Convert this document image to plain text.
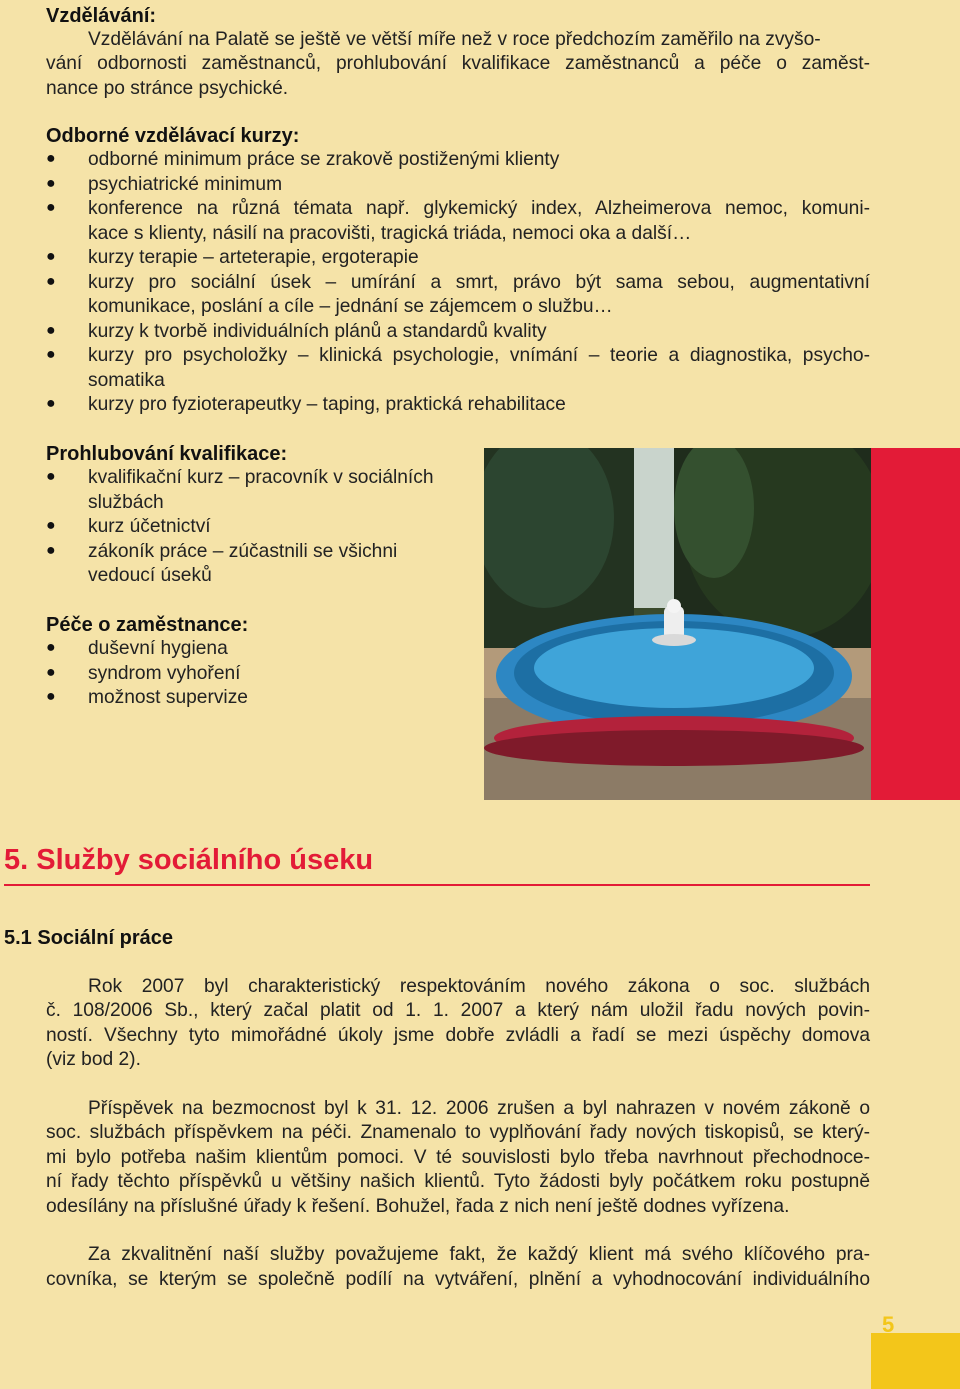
Vzdělávání:
Vzdělávání na Palatě se ještě ve větší míře než v roce předchozím zaměřilo na zvyšo-
vání odbornosti zaměstnanců, prohlubování kvalifikace zaměstnanců a péče o zaměst-
nance po stránce psychické.
Odborné vzdělávací kurzy:
● odborné minimum práce se zrakově postiženými klienty
● psychiatrické minimum
● konference na různá témata např. glykemický index, Alzheimerova nemoc, komuni-
kace s klienty, násilí na pracovišti, tragická triáda, nemoci oka a další…
● kurzy terapie – arteterapie, ergoterapie
● kurzy pro sociální úsek – umírání a smrt, právo být sama sebou, augmentativní
komunikace, poslání a cíle – jednání se zájemcem o službu…
● kurzy k tvorbě individuálních plánů a standardů kvality
● kurzy pro psycholožky – klinická psychologie, vnímání – teorie a diagnostika, psycho-
somatika
● kurzy pro fyzioterapeutky – taping, praktická rehabilitace
Prohlubování kvalifikace:
● kvalifikační kurz – pracovník v sociálních
službách
● kurz účetnictví
● zákoník práce – zúčastnili se všichni
vedoucí úseků
Péče o zaměstnance:
● duševní hygiena
● syndrom vyhoření
● možnost supervize
5. Služby sociálního úseku
5.1 Sociální práce
Rok 2007 byl charakteristický respektováním nového zákona o soc. službách
č. 108/2006 Sb., který začal platit od 1. 1. 2007 a který nám uložil řadu nových povin-
ností. Všechny tyto mimořádné úkoly jsme dobře zvládli a řadí se mezi úspěchy domova
(viz bod 2).
Příspěvek na bezmocnost byl k 31. 12. 2006 zrušen a byl nahrazen v novém zákoně o
soc. službách příspěvkem na péči. Znamenalo to vyplňování řady nových tiskopisů, se který-
mi bylo potřeba našim klientům pomoci. V té souvislosti bylo třeba navrhnout přechodnoce-
ní řady těchto příspěvků u většiny našich klientů. Tyto žádosti byly počátkem roku postupně
odesílány na příslušné úřady k řešení. Bohužel, řada z nich není ještě dodnes vyřízena.
Za zkvalitnění naší služby považujeme fakt, že každý klient má svého klíčového pra-
covníka, se kterým se společně podílí na vytváření, plnění a vyhodnocování individuálního
5
